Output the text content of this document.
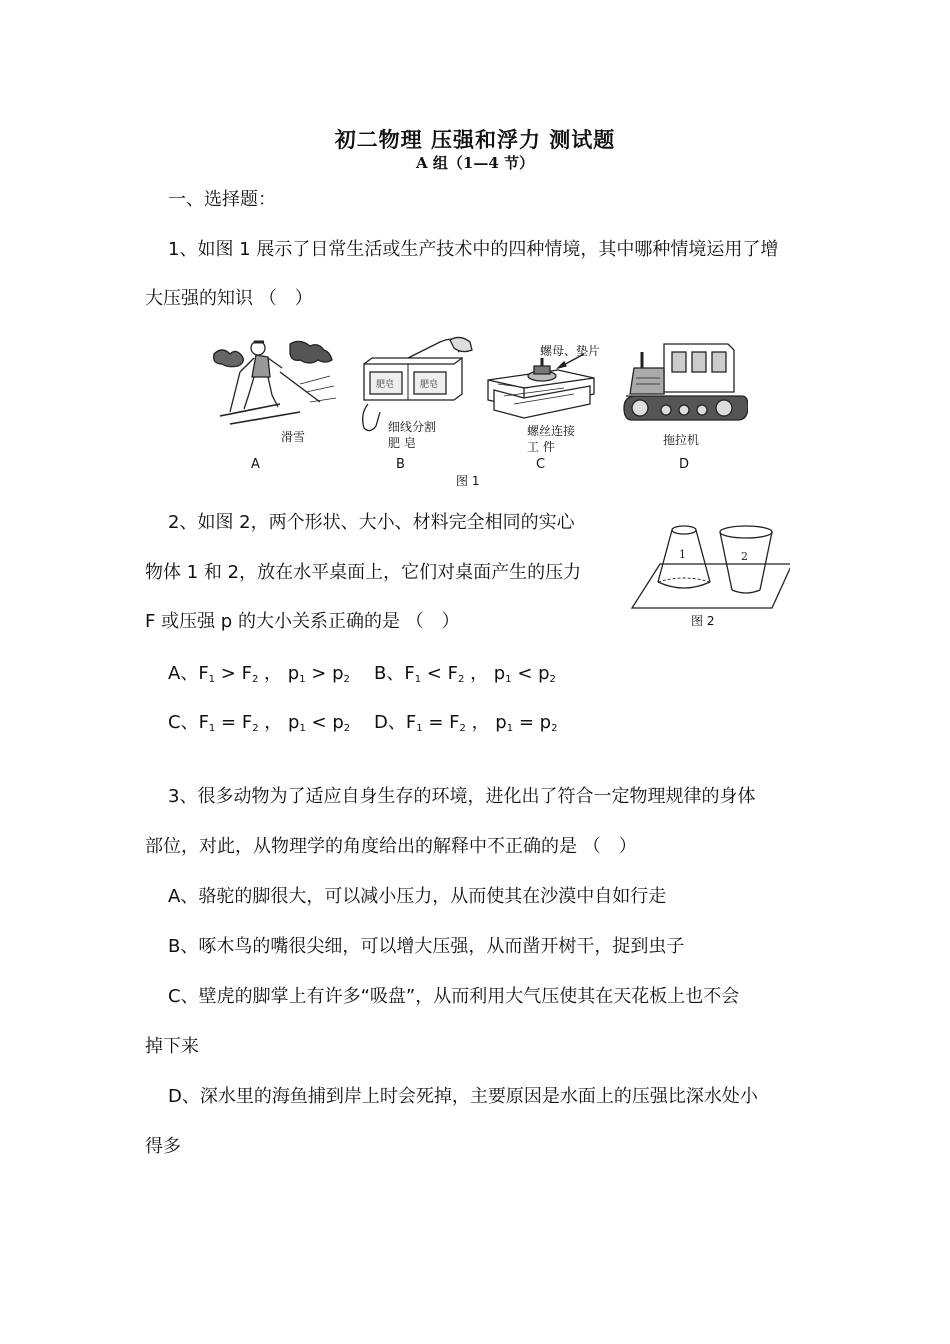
初二物理 压强和浮力 测试题
A 组（1—4 节）
一、选择题：
1、如图 1 展示了日常生活或生产技术中的四种情境，其中哪种情境运用了增
大压强的知识 （　）
滑雪
肥皂	肥皂
细线分割
肥 皂
螺母、垫片
螺丝连接
工 件	拖拉机
A	B	C	D
图 1
2、如图 2，两个形状、大小、材料完全相同的实心
物体 1 和 2，放在水平桌面上，它们对桌面产生的压力
F 或压强 p 的大小关系正确的是 （　）
1	2
图 2
A、$F_1 > F_2$ ， $p_1 > p_2$ B、$F_1 < F_2$ ， $p_1 < p_2$
C、$F_1 = F_2$ ， $p_1 < p_2$ D、$F_1 = F_2$ ， $p_1 = p_2$
3、很多动物为了适应自身生存的环境，进化出了符合一定物理规律的身体
部位，对此，从物理学的角度给出的解释中不正确的是 （　）
A、骆驼的脚很大，可以减小压力，从而使其在沙漠中自如行走
B、啄木鸟的嘴很尖细，可以增大压强，从而凿开树干，捉到虫子
C、壁虎的脚掌上有许多“吸盘”，从而利用大气压使其在天花板上也不会
掉下来
D、深水里的海鱼捕到岸上时会死掉，主要原因是水面上的压强比深水处小
得多
